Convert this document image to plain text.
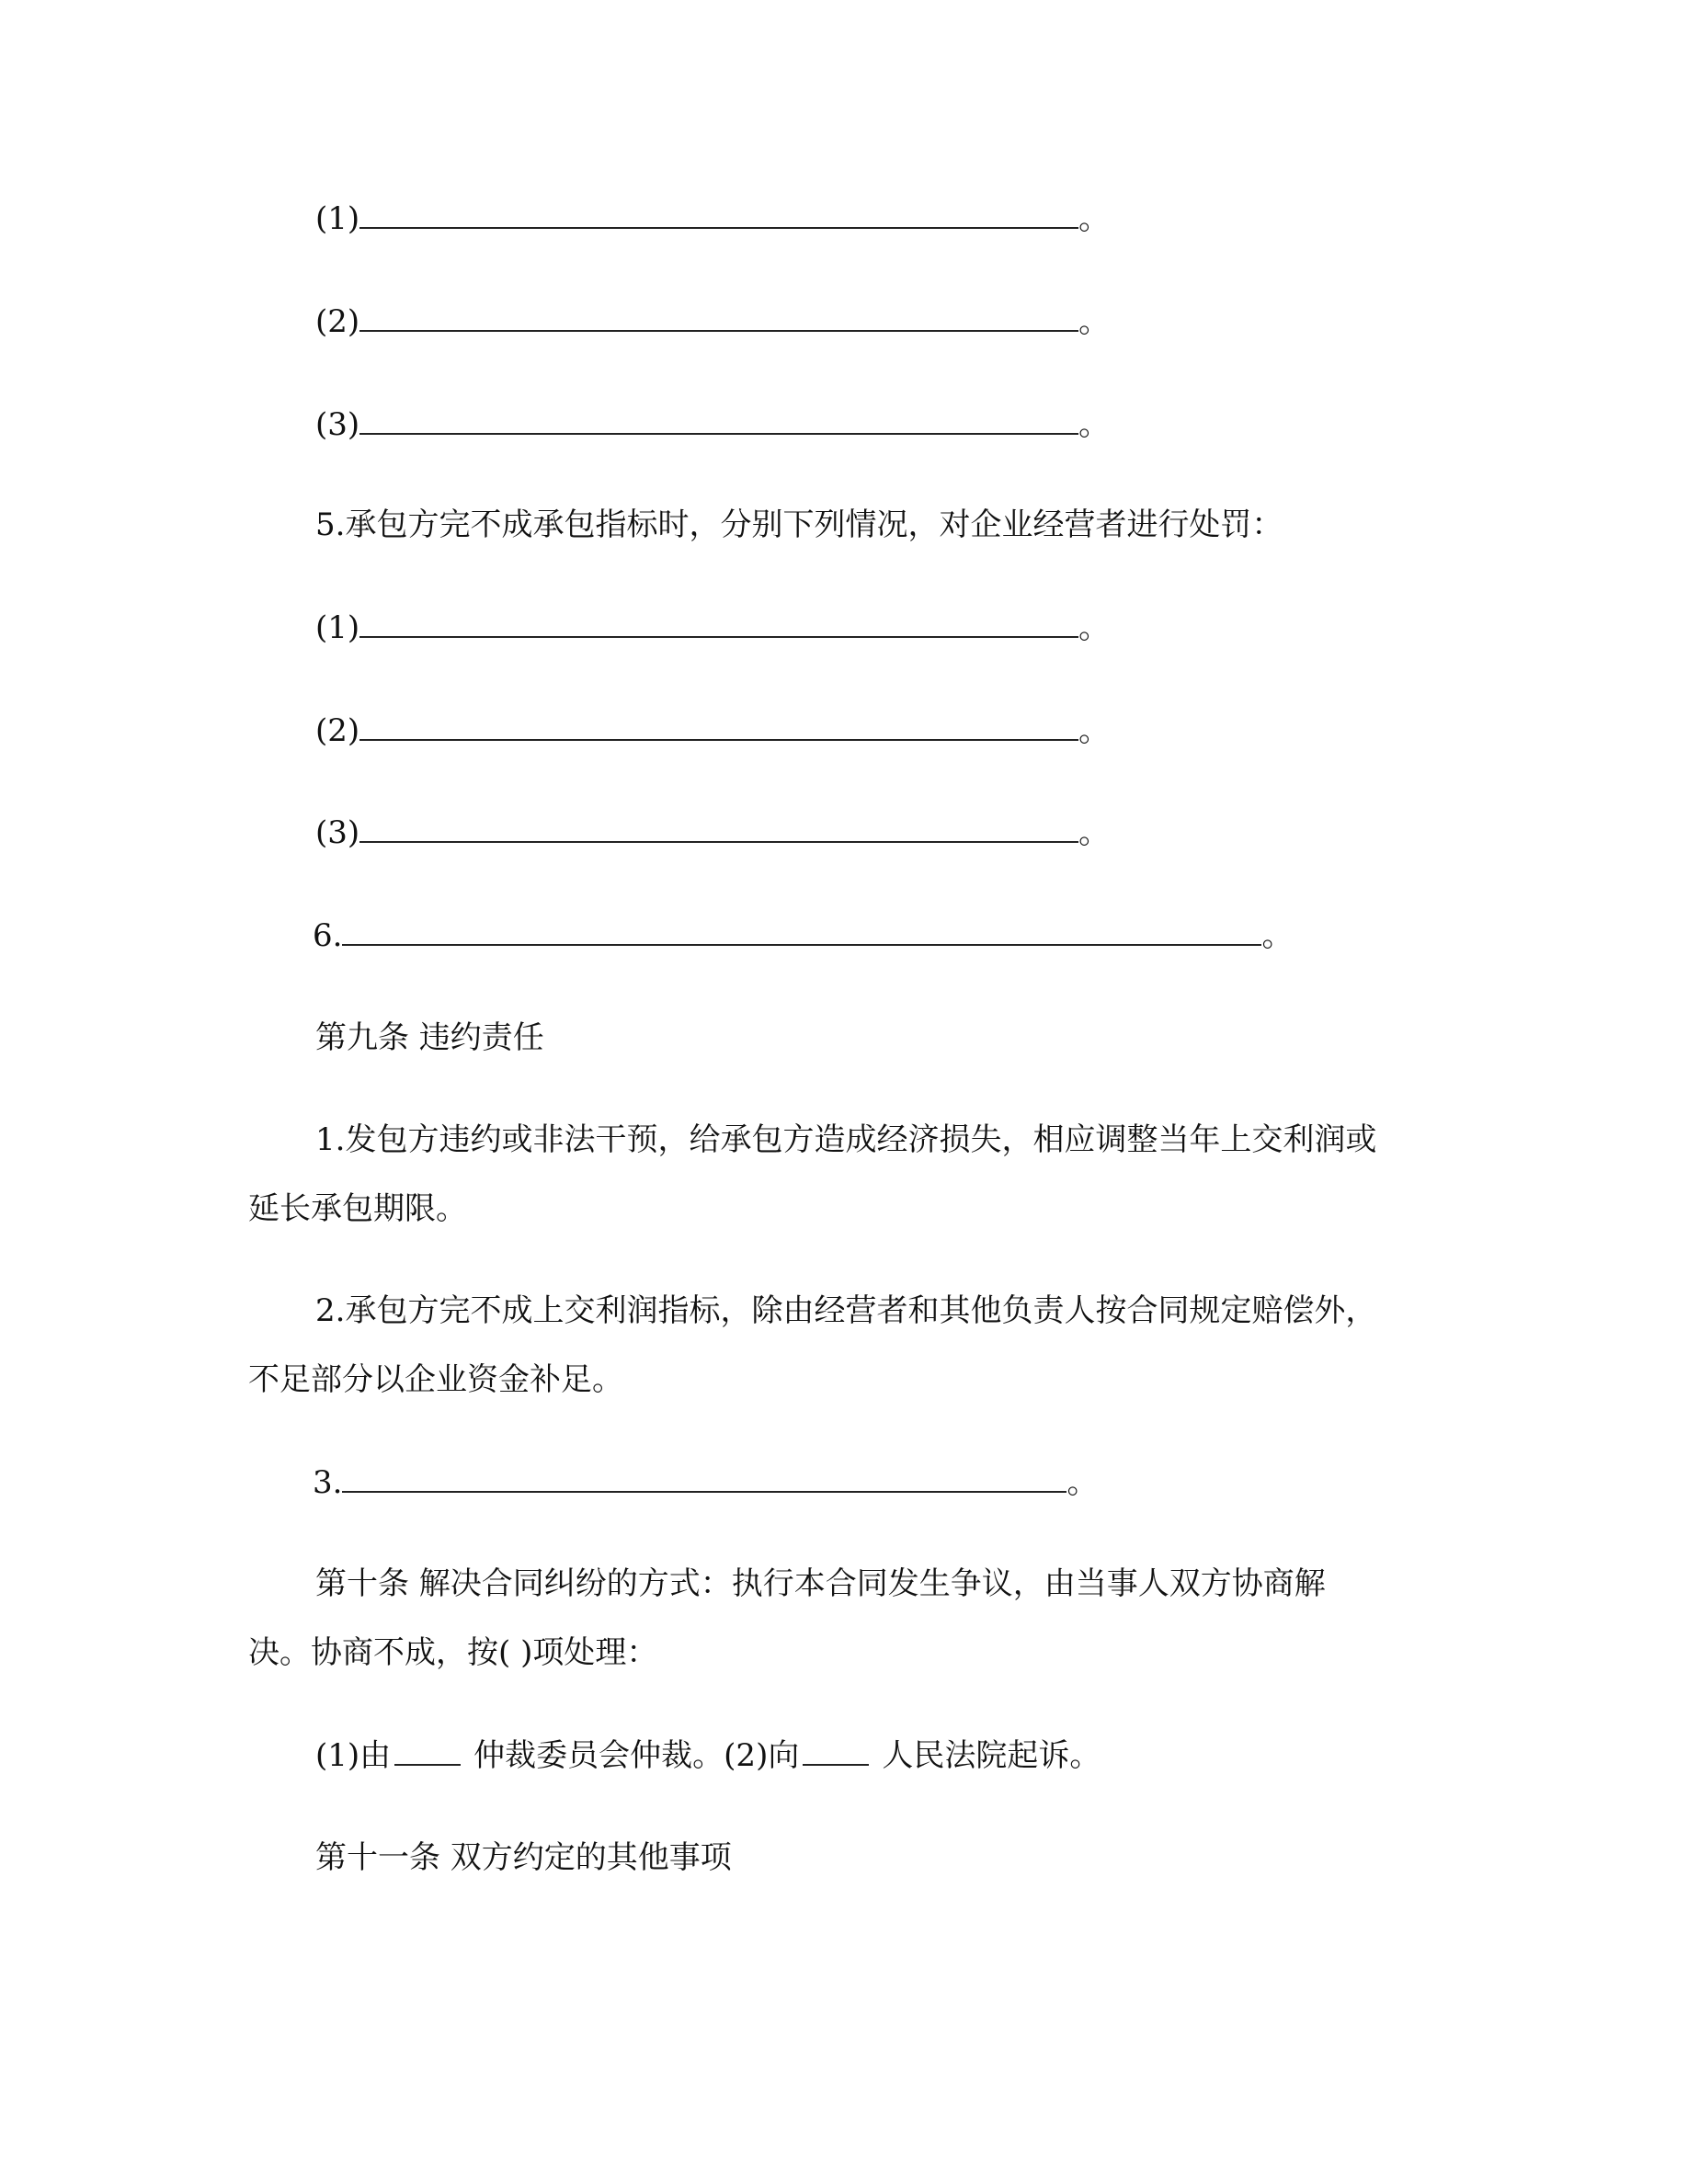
(1)	。
(2)	。
(3)	。
5.承包方完不成承包指标时，分别下列情况，对企业经营者进行处罚：
(1)	。
(2)	。
(3)	。
6.	。
第九条 违约责任
1.发包方违约或非法干预，给承包方造成经济损失，相应调整当年上交利润或
延长承包期限。
2.承包方完不成上交利润指标，除由经营者和其他负责人按合同规定赔偿外，
不足部分以企业资金补足。
3.	。
第十条 解决合同纠纷的方式：执行本合同发生争议，由当事人双方协商解
决。协商不成，按( )项处理：
(1)由	仲裁委员会仲裁。(2)向	人民法院起诉。
第十一条 双方约定的其他事项
